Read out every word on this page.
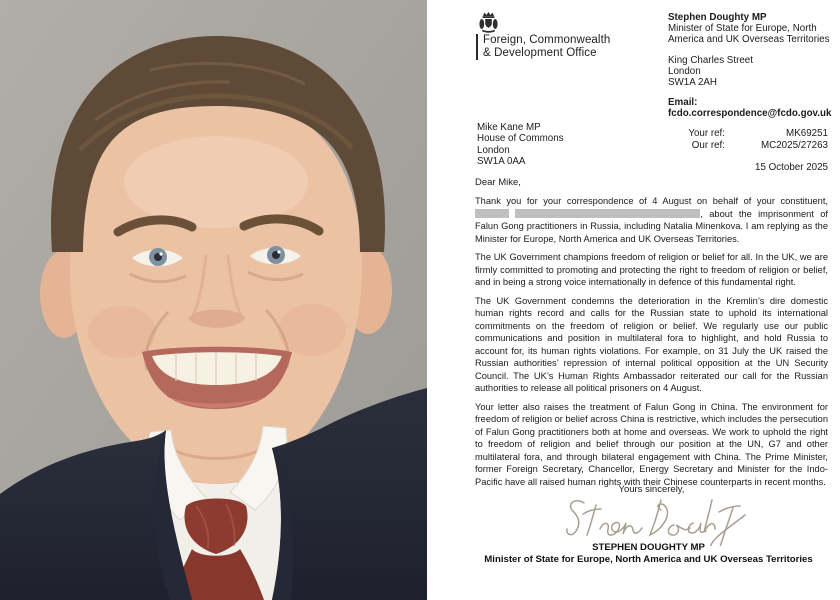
Foreign, Commonwealth
& Development Office
Stephen Doughty MP
Minister of State for Europe, North
America and UK Overseas Territories
King Charles Street
London
SW1A 2AH
Email:
fcdo.correspondence@fcdo.gov.uk
Mike Kane MP
House of Commons
London
SW1A 0AA
Your ref:	MK69251
Our ref:	MC2025/27263
15 October 2025
Dear Mike,

Thank you for your correspondence of 4 August on behalf of your constituent,  , about the imprisonment of Falun Gong practitioners in Russia, including Natalia Minenkova. I am replying as the Minister for Europe, North America and UK Overseas Territories.

The UK Government champions freedom of religion or belief for all. In the UK, we are firmly committed to promoting and protecting the right to freedom of religion or belief, and in being a strong voice internationally in defence of this fundamental right.

The UK Government condemns the deterioration in the Kremlin’s dire domestic human rights record and calls for the Russian state to uphold its international commitments on the freedom of religion or belief. We regularly use our public communications and position in multilateral fora to highlight, and hold Russia to account for, its human rights violations. For example, on 31 July the UK raised the Russian authorities’ repression of internal political opposition at the UN Security Council. The UK’s Human Rights Ambassador reiterated our call for the Russian authorities to release all political prisoners on 4 August.

Your letter also raises the treatment of Falun Gong in China. The environment for freedom of religion or belief across China is restrictive, which includes the persecution of Falun Gong practitioners both at home and overseas. We work to uphold the right to freedom of religion and belief through our position at the UN, G7 and other multilateral fora, and through bilateral engagement with China. The Prime Minister, former Foreign Secretary, Chancellor, Energy Secretary and Minister for the Indo-Pacific have all raised human rights with their Chinese counterparts in recent months.

Yours sincerely,
STEPHEN DOUGHTY MP
Minister of State for Europe, North America and UK Overseas Territories
